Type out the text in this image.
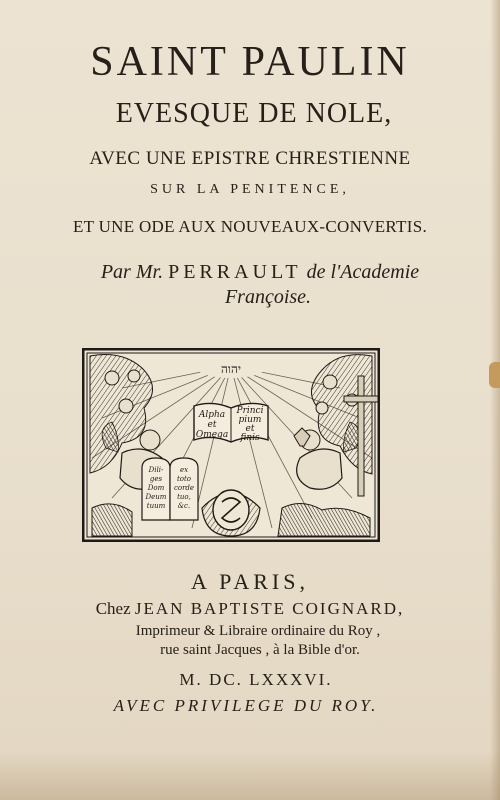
SAINT PAULIN

EVESQUE DE NOLE,

AVEC UNE EPISTRE CHRESTIENNE

SUR LA PENITENCE,

ET UNE ODE AUX NOUVEAUX-CONVERTIS.

Par Mr. PERRAULT de l'Academie

Françoise.

יהוה
Alpha
et
Omega
Princi
pium
et
finis
Dili-
ges
Dom
Deum
tuum
ex
toto
corde
tuo,
&c.

A PARIS,

Chez JEAN BAPTISTE COIGNARD,

Imprimeur & Libraire ordinaire du Roy ,

rue saint Jacques , à la Bible d'or.

M. DC. LXXXVI.

AVEC PRIVILEGE DU ROY.
